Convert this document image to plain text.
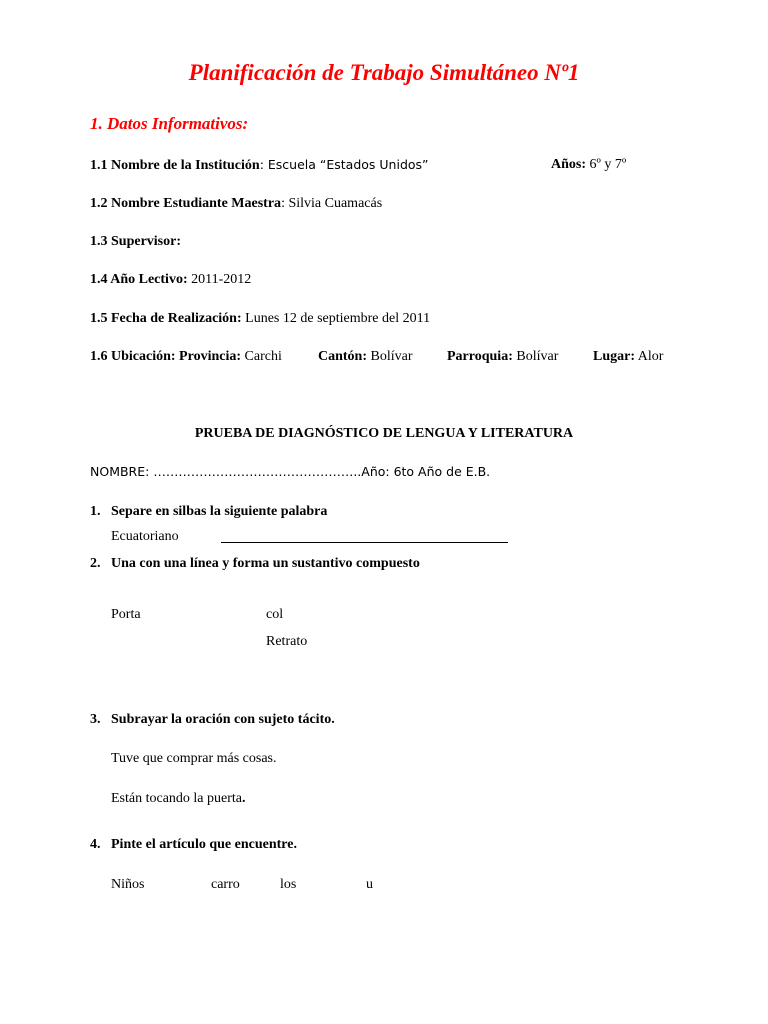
Planificación de Trabajo Simultáneo Nº1
1. Datos Informativos:
1.1 Nombre de la Institución: Escuela “Estados Unidos”	Años: 6º y 7º
1.2 Nombre Estudiante Maestra: Silvia Cuamacás
1.3 Supervisor:
1.4 Año Lectivo: 2011-2012
1.5 Fecha de Realización: Lunes 12 de septiembre del 2011
1.6 Ubicación: Provincia: Carchi	Cantón: Bolívar Parroquia: Bolívar Lugar: Alor
PRUEBA DE DIAGNÓSTICO DE LENGUA Y LITERATURA
NOMBRE: …………………………………………..Año: 6to Año de E.B.
1. Separe en silbas la siguiente palabra
Ecuatoriano
2. Una con una línea y forma un sustantivo compuesto
Porta	col
Retrato
3. Subrayar la oración con sujeto tácito.
Tuve que comprar más cosas.
Están tocando la puerta.
4. Pinte el artículo que encuentre.
Niños	carro	los	u
